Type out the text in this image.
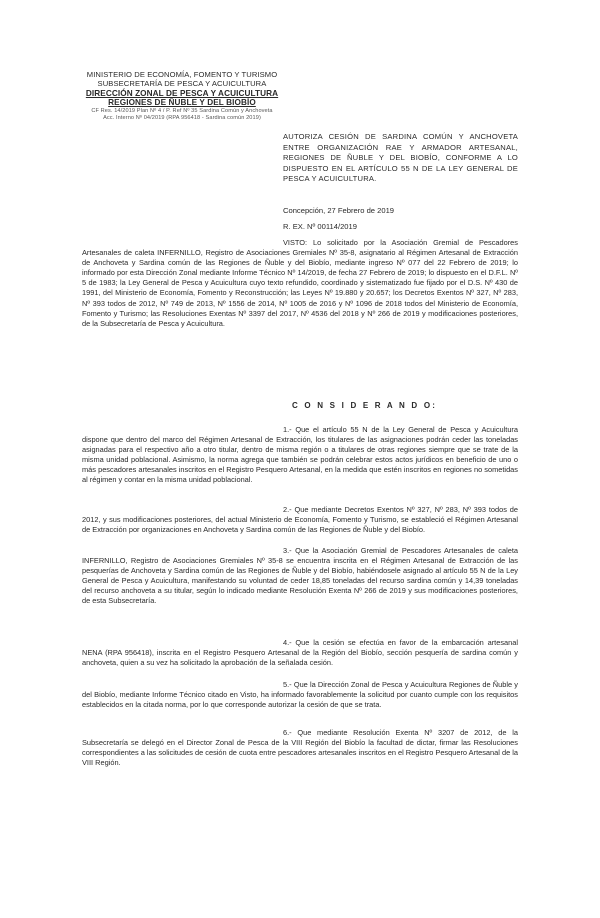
MINISTERIO DE ECONOMÍA, FOMENTO Y TURISMO
SUBSECRETARÍA DE PESCA Y ACUICULTURA
DIRECCIÓN ZONAL DE PESCA Y ACUICULTURA
REGIONES DE ÑUBLE Y DEL BIOBÍO
CF Res. 14/2019 Plan Nº 4 / P. Ref Nº 35 Sardina Común y Anchoveta
Acc. Interno Nº 04/2019 (RPA 956418 - Sardina común 2019)
AUTORIZA CESIÓN DE SARDINA COMÚN Y ANCHOVETA ENTRE ORGANIZACIÓN RAE Y ARMADOR ARTESANAL, REGIONES DE ÑUBLE Y DEL BIOBÍO, CONFORME A LO DISPUESTO EN EL ARTÍCULO 55 N DE LA LEY GENERAL DE PESCA Y ACUICULTURA.
Concepción, 27 Febrero de 2019
R. EX. Nº 00114/2019
VISTO: Lo solicitado por la Asociación Gremial de Pescadores Artesanales de caleta INFERNILLO, Registro de Asociaciones Gremiales Nº 35-8, asignatario al Régimen Artesanal de Extracción de Anchoveta y Sardina común de las Regiones de Ñuble y del Biobío, mediante ingreso Nº 077 del 22 Febrero de 2019; lo informado por esta Dirección Zonal mediante Informe Técnico Nº 14/2019, de fecha 27 Febrero de 2019; lo dispuesto en el D.F.L. Nº 5 de 1983; la Ley General de Pesca y Acuicultura cuyo texto refundido, coordinado y sistematizado fue fijado por el D.S. Nº 430 de 1991, del Ministerio de Economía, Fomento y Reconstrucción; las Leyes Nº 19.880 y 20.657; los Decretos Exentos Nº 327, Nº 283, Nº 393 todos de 2012, Nº 749 de 2013, Nº 1556 de 2014, Nº 1005 de 2016 y Nº 1096 de 2018 todos del Ministerio de Economía, Fomento y Turismo; las Resoluciones Exentas Nº 3397 del 2017, Nº 4536 del 2018 y Nº 266 de 2019 y modificaciones posteriores, de la Subsecretaría de Pesca y Acuicultura.
C O N S I D E R A N D O:
1.- Que el artículo 55 N de la Ley General de Pesca y Acuicultura dispone que dentro del marco del Régimen Artesanal de Extracción, los titulares de las asignaciones podrán ceder las toneladas asignadas para el respectivo año a otro titular, dentro de misma región o a titulares de otras regiones siempre que se trate de la misma unidad poblacional. Asimismo, la norma agrega que también se podrán celebrar estos actos jurídicos en beneficio de uno o más pescadores artesanales inscritos en el Registro Pesquero Artesanal, en la medida que estén inscritos en regiones no sometidas al régimen y contar en la misma unidad poblacional.
2.- Que mediante Decretos Exentos Nº 327, Nº 283, Nº 393 todos de 2012, y sus modificaciones posteriores, del actual Ministerio de Economía, Fomento y Turismo, se estableció el Régimen Artesanal de Extracción por organizaciones en Anchoveta y Sardina común de las Regiones de Ñuble y del Biobío.
3.- Que la Asociación Gremial de Pescadores Artesanales de caleta INFERNILLO, Registro de Asociaciones Gremiales Nº 35-8 se encuentra inscrita en el Régimen Artesanal de Extracción de las pesquerías de Anchoveta y Sardina común de las Regiones de Ñuble y del Biobío, habiéndosele asignado al artículo 55 N de la Ley General de Pesca y Acuicultura, manifestando su voluntad de ceder 18,85 toneladas del recurso sardina común y 14,39 toneladas del recurso anchoveta a su titular, según lo indicado mediante Resolución Exenta Nº 266 de 2019 y sus modificaciones posteriores, de esta Subsecretaría.
4.- Que la cesión se efectúa en favor de la embarcación artesanal NENA (RPA 956418), inscrita en el Registro Pesquero Artesanal de la Región del Biobío, sección pesquería de sardina común y anchoveta, quien a su vez ha solicitado la aprobación de la señalada cesión.
5.- Que la Dirección Zonal de Pesca y Acuicultura Regiones de Ñuble y del Biobío, mediante Informe Técnico citado en Visto, ha informado favorablemente la solicitud por cuanto cumple con los requisitos establecidos en la citada norma, por lo que corresponde autorizar la cesión de que se trata.
6.- Que mediante Resolución Exenta Nº 3207 de 2012, de la Subsecretaría se delegó en el Director Zonal de Pesca de la VIII Región del Biobío la facultad de dictar, firmar las Resoluciones correspondientes a las solicitudes de cesión de cuota entre pescadores artesanales inscritos en el Registro Pesquero Artesanal de la VIII Región.
